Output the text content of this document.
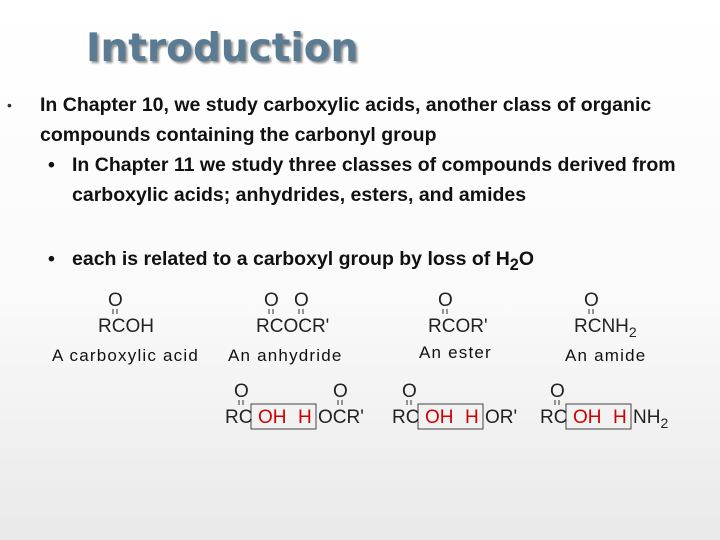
Introduction
• In Chapter 10, we study carboxylic acids, another class of organic compounds containing the carbonyl group
• In Chapter 11 we study three classes of compounds derived from carboxylic acids; anhydrides, esters, and amides
• each is related to a carboxyl group by loss of $H_2O$
O
RCOH
A carboxylic acid
O O
RCOCR'
An anhydride
O
RCOR'
An ester
O
$RCNH_2$
An amide
O	O
RC OH H OCR'
O
RC OH H OR'
O
RC OH H $NH_2$
